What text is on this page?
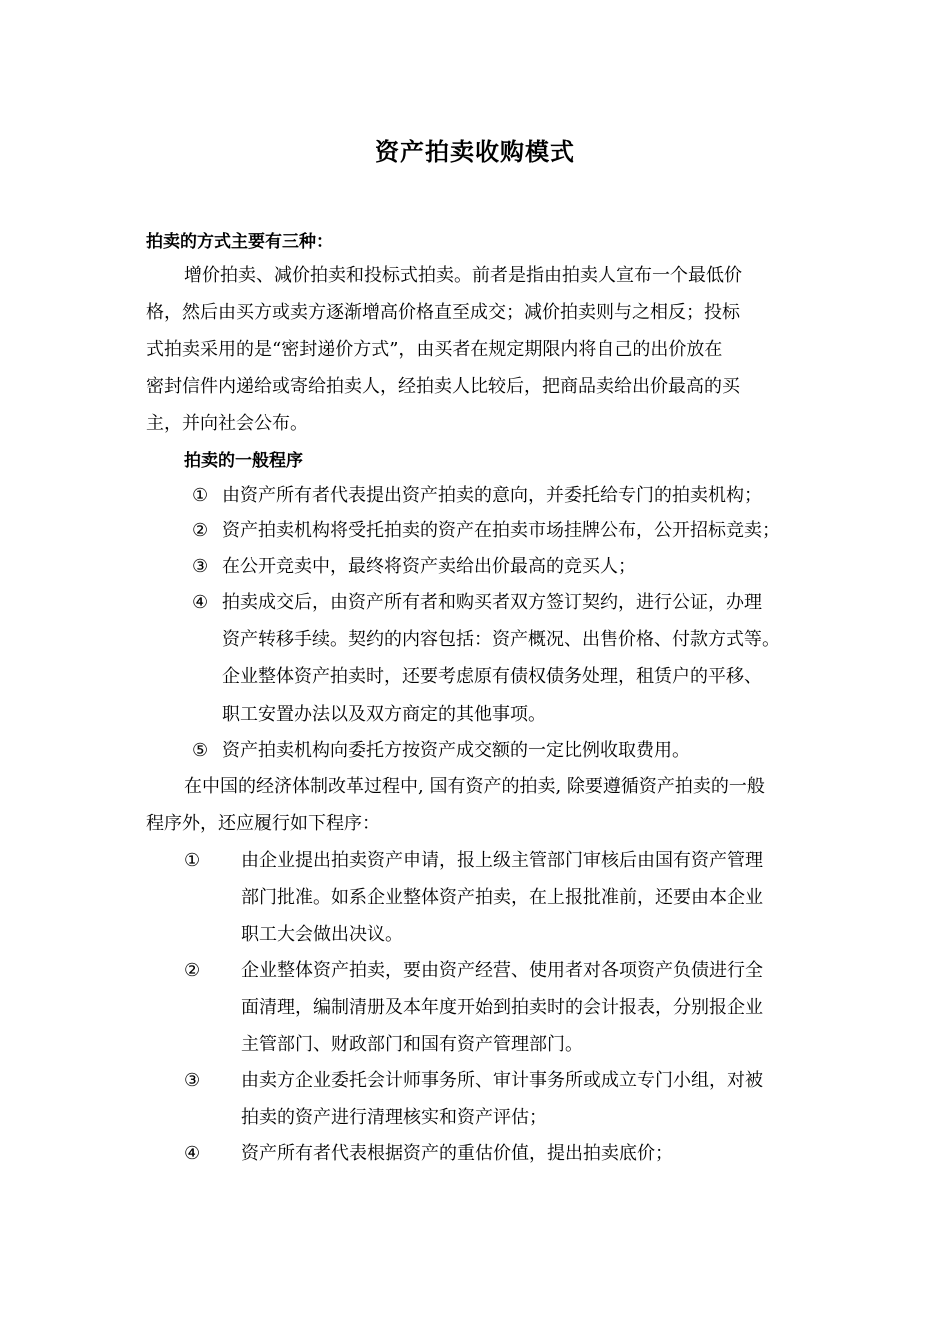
资产拍卖收购模式
拍卖的方式主要有三种：
增价拍卖、减价拍卖和投标式拍卖。前者是指由拍卖人宣布一个最低价
格，然后由买方或卖方逐渐增高价格直至成交；减价拍卖则与之相反；投标
式拍卖采用的是“密封递价方式”，由买者在规定期限内将自己的出价放在
密封信件内递给或寄给拍卖人，经拍卖人比较后，把商品卖给出价最高的买
主，并向社会公布。
拍卖的一般程序
① 由资产所有者代表提出资产拍卖的意向，并委托给专门的拍卖机构；
② 资产拍卖机构将受托拍卖的资产在拍卖市场挂牌公布，公开招标竞卖；
③ 在公开竞卖中，最终将资产卖给出价最高的竞买人；
④ 拍卖成交后，由资产所有者和购买者双方签订契约，进行公证，办理
资产转移手续。契约的内容包括：资产概况、出售价格、付款方式等。
企业整体资产拍卖时，还要考虑原有债权债务处理，租赁户的平移、
职工安置办法以及双方商定的其他事项。
⑤ 资产拍卖机构向委托方按资产成交额的一定比例收取费用。
在中国的经济体制改革过程中, 国有资产的拍卖, 除要遵循资产拍卖的一般
程序外，还应履行如下程序：
① 由企业提出拍卖资产申请，报上级主管部门审核后由国有资产管理
部门批准。如系企业整体资产拍卖，在上报批准前，还要由本企业
职工大会做出决议。
② 企业整体资产拍卖，要由资产经营、使用者对各项资产负债进行全
面清理，编制清册及本年度开始到拍卖时的会计报表，分别报企业
主管部门、财政部门和国有资产管理部门。
③ 由卖方企业委托会计师事务所、审计事务所或成立专门小组，对被
拍卖的资产进行清理核实和资产评估；
④ 资产所有者代表根据资产的重估价值，提出拍卖底价；
